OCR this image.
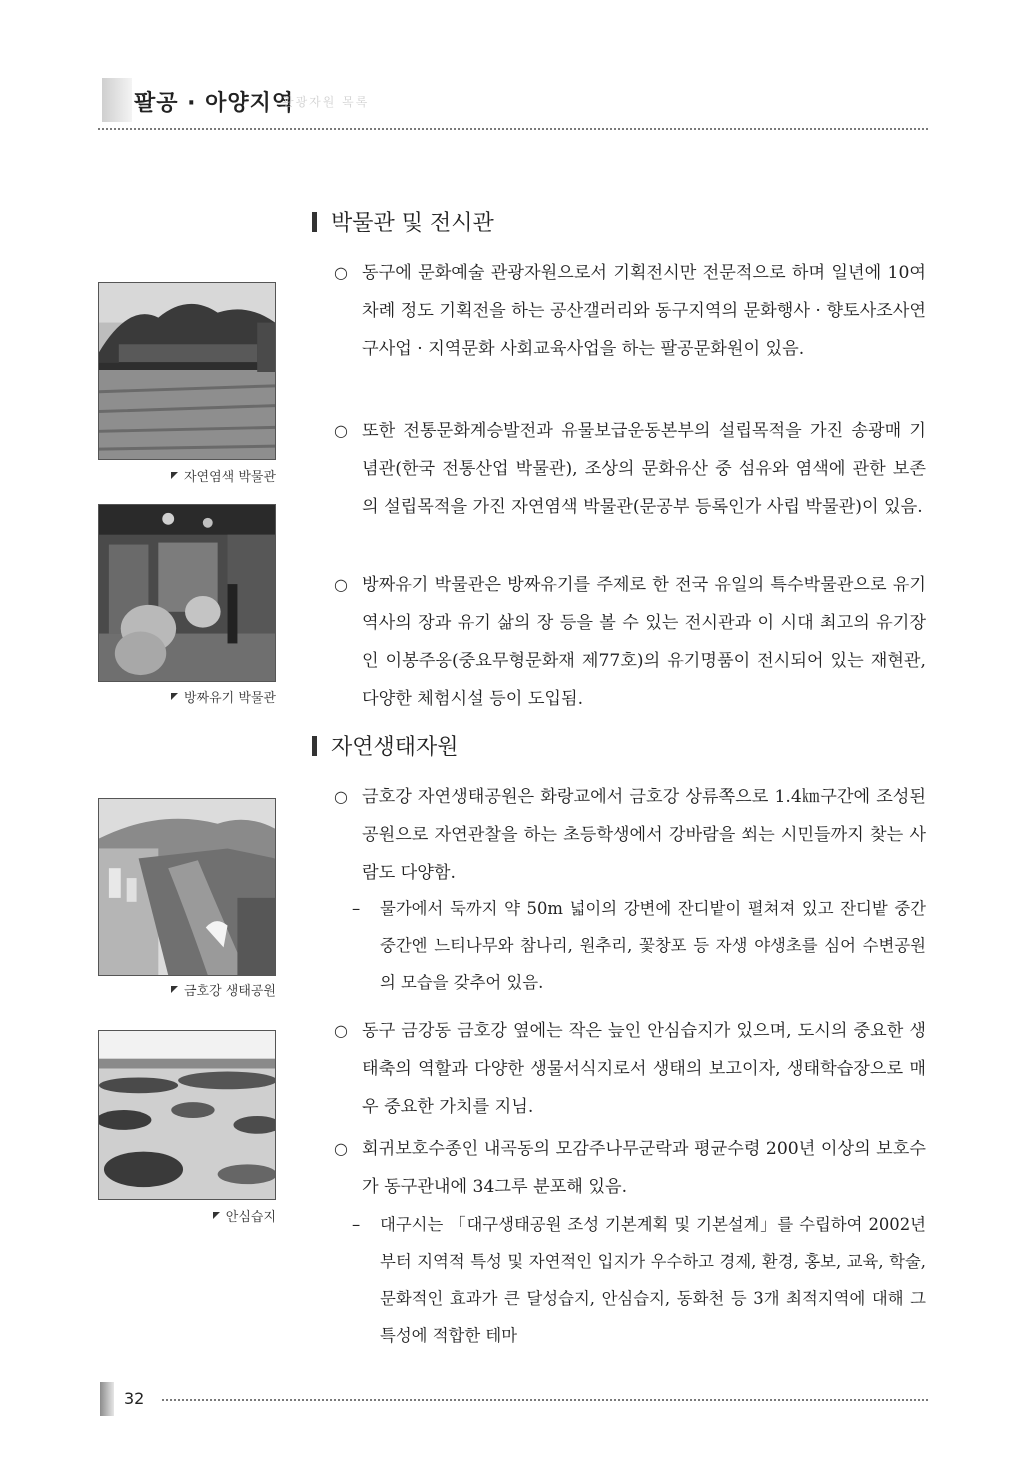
팔공 · 아양지역
관광자원 목록
자연염색 박물관
방짜유기 박물관
금호강 생태공원
안심습지
박물관 및 전시관
○ 동구에 문화예술 관광자원으로서 기획전시만 전문적으로 하며 일년에 10여 차례 정도 기획전을 하는 공산갤러리와 동구지역의 문화행사 · 향토사조사연구사업 · 지역문화 사회교육사업을 하는 팔공문화원이 있음.
○ 또한 전통문화계승발전과 유물보급운동본부의 설립목적을 가진 송광매 기념관(한국 전통산업 박물관), 조상의 문화유산 중 섬유와 염색에 관한 보존의 설립목적을 가진 자연염색 박물관(문공부 등록인가 사립 박물관)이 있음.
○ 방짜유기 박물관은 방짜유기를 주제로 한 전국 유일의 특수박물관으로 유기 역사의 장과 유기 삶의 장 등을 볼 수 있는 전시관과 이 시대 최고의 유기장인 이봉주옹(중요무형문화재 제77호)의 유기명품이 전시되어 있는 재현관, 다양한 체험시설 등이 도입됨.
자연생태자원
○ 금호강 자연생태공원은 화랑교에서 금호강 상류쪽으로 1.4㎞구간에 조성된 공원으로 자연관찰을 하는 초등학생에서 강바람을 쐬는 시민들까지 찾는 사람도 다양함.
–	물가에서 둑까지 약 50m 넓이의 강변에 잔디밭이 펼쳐져 있고 잔디밭 중간 중간엔 느티나무와 참나리, 원추리, 꽃창포 등 자생 야생초를 심어 수변공원의 모습을 갖추어 있음.
○ 동구 금강동 금호강 옆에는 작은 늪인 안심습지가 있으며, 도시의 중요한 생태축의 역할과 다양한 생물서식지로서 생태의 보고이자, 생태학습장으로 매우 중요한 가치를 지님.
○ 회귀보호수종인 내곡동의 모감주나무군락과 평균수령 200년 이상의 보호수가 동구관내에 34그루 분포해 있음.
–	대구시는 「대구생태공원 조성 기본계획 및 기본설계」를 수립하여 2002년부터 지역적 특성 및 자연적인 입지가 우수하고 경제, 환경, 홍보, 교육, 학술, 문화적인 효과가 큰 달성습지, 안심습지, 동화천 등 3개 최적지역에 대해 그 특성에 적합한 테마
32
